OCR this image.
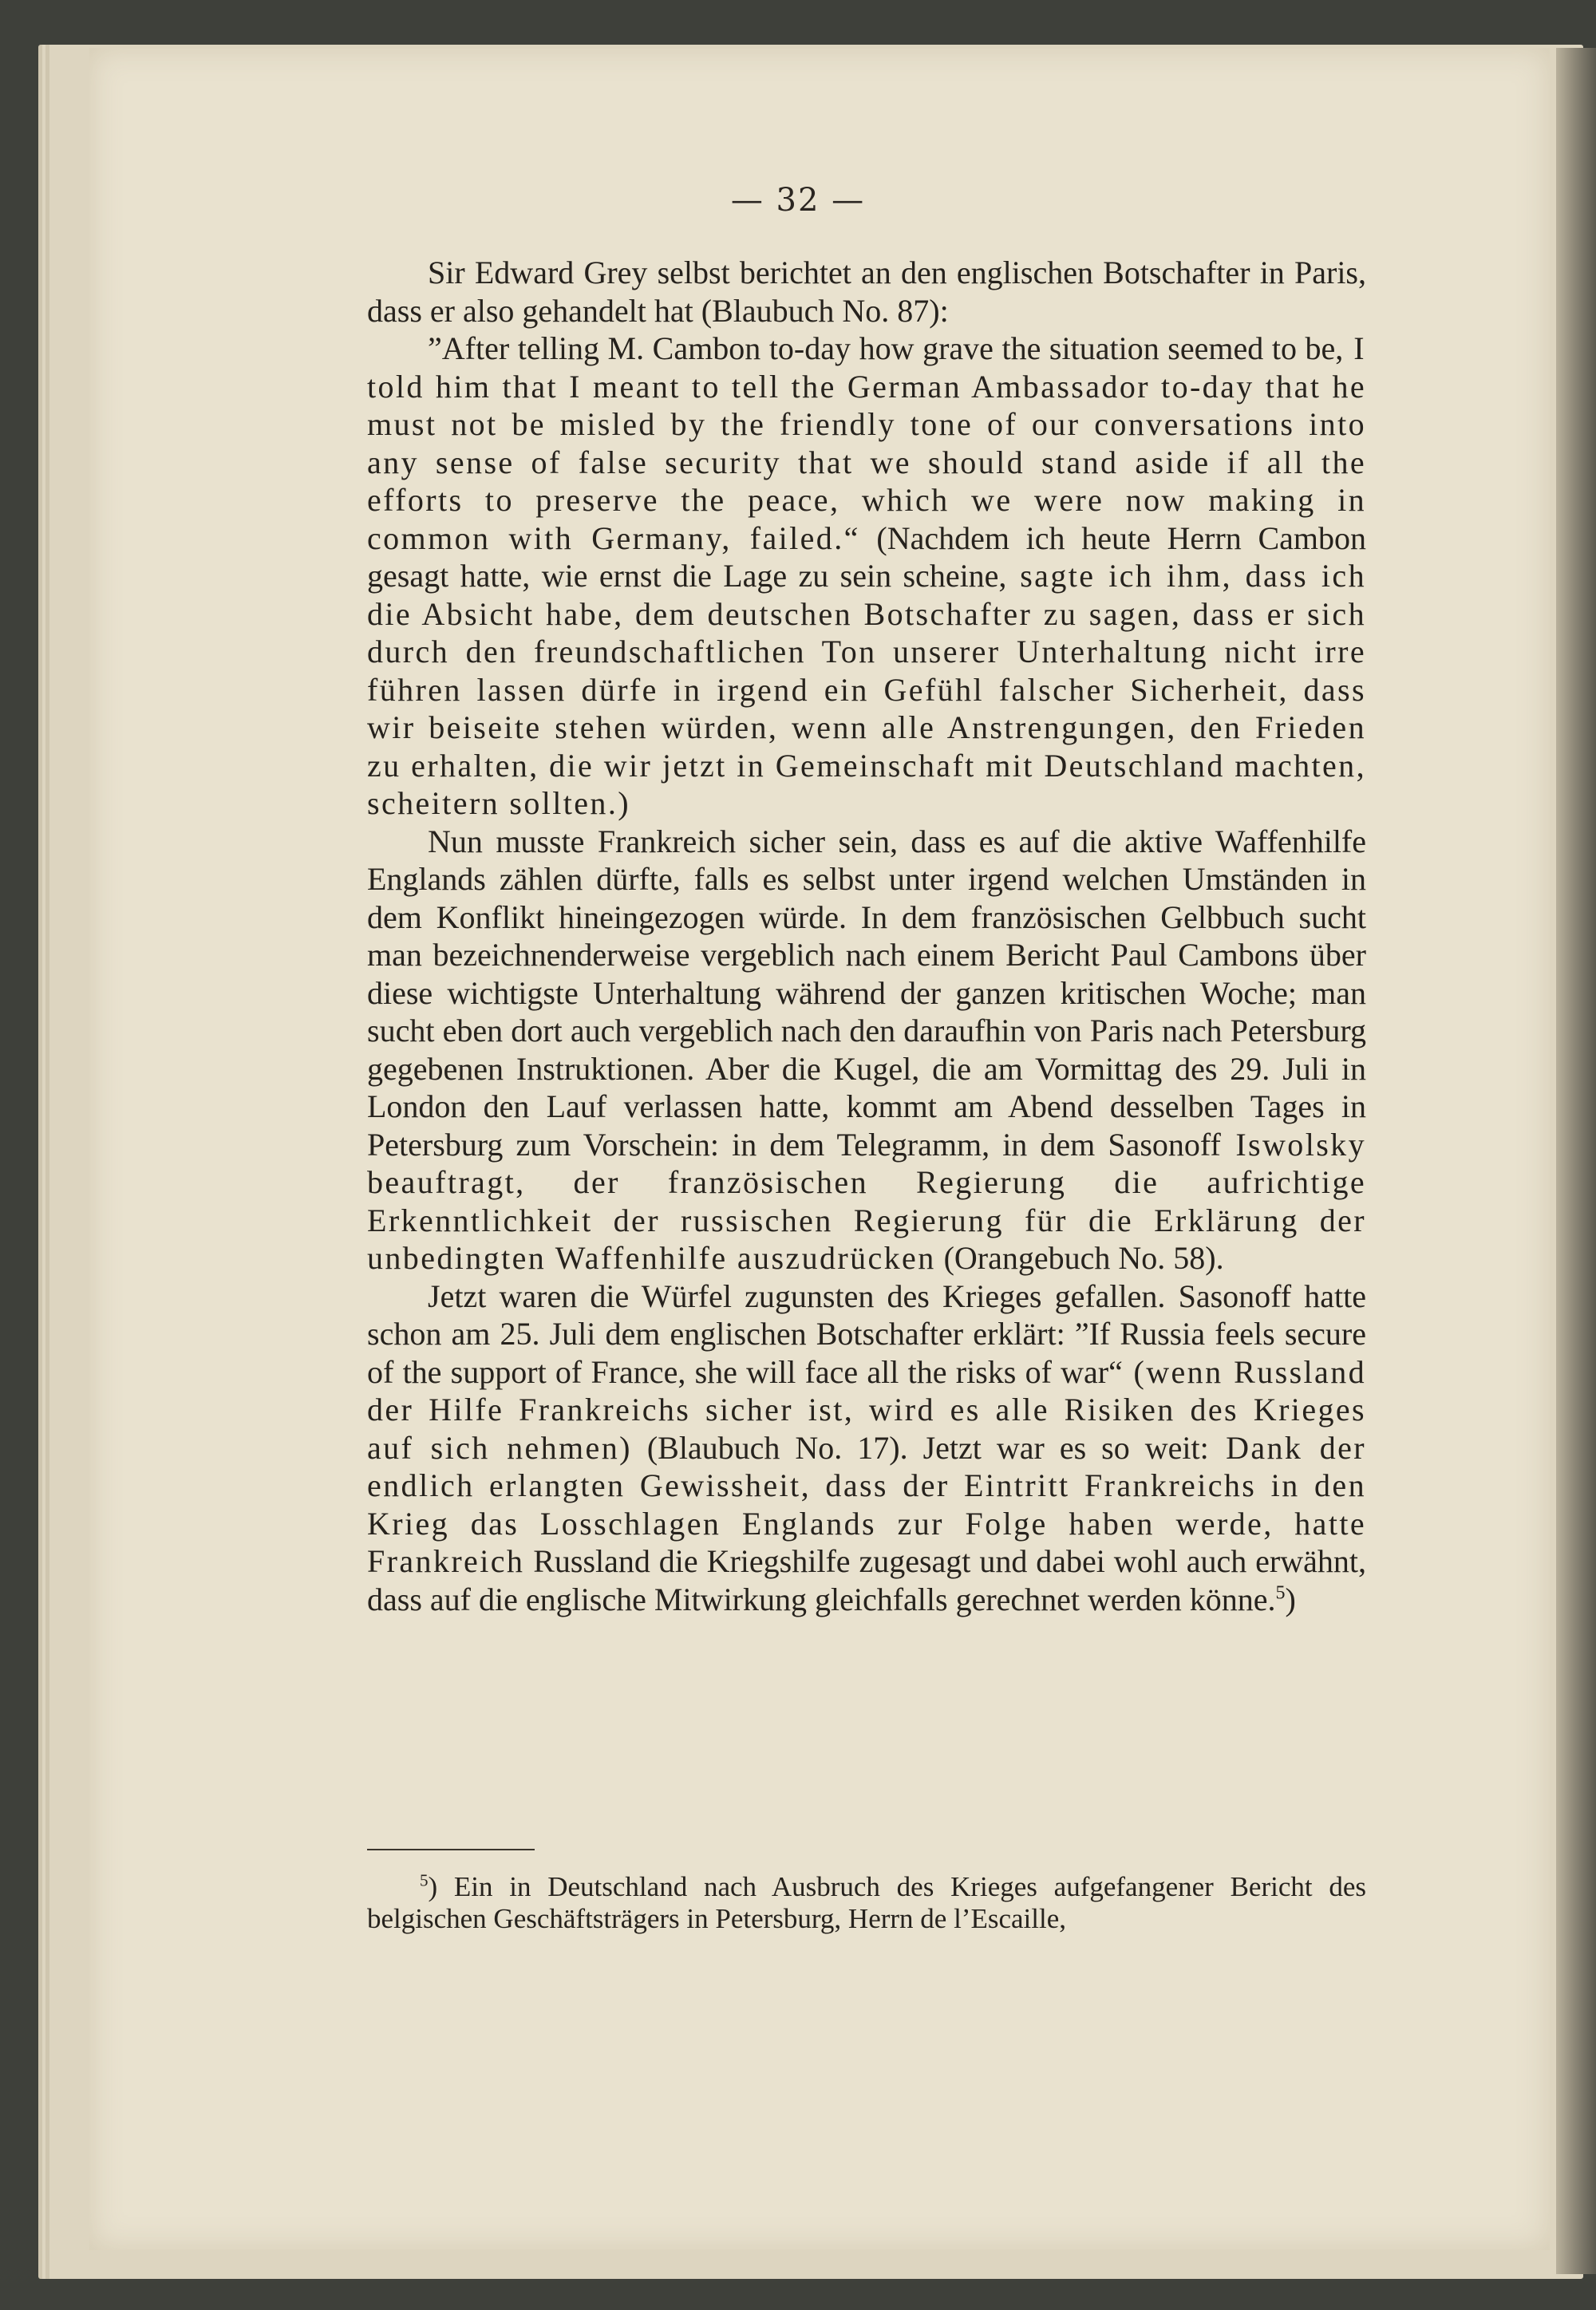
— 32 —

Sir Edward Grey selbst berichtet an den englischen Botschafter in Paris, dass er also gehandelt hat (Blaubuch No. 87):

”After telling M. Cambon to-day how grave the situation seemed to be, I told him that I meant to tell the German Ambassador to-day that he must not be misled by the friendly tone of our conversations into any sense of false security that we should stand aside if all the efforts to preserve the peace, which we were now making in common with Germany, failed.“ (Nachdem ich heute Herrn Cambon gesagt hatte, wie ernst die Lage zu sein scheine, sagte ich ihm, dass ich die Absicht habe, dem deutschen Botschafter zu sagen, dass er sich durch den freundschaftlichen Ton unserer Unterhaltung nicht irre führen lassen dürfe in irgend ein Gefühl falscher Sicherheit, dass wir beiseite stehen würden, wenn alle Anstrengungen, den Frieden zu erhalten, die wir jetzt in Gemeinschaft mit Deutschland machten, scheitern sollten.)

Nun musste Frankreich sicher sein, dass es auf die aktive Waffenhilfe Englands zählen dürfte, falls es selbst unter irgend welchen Umständen in dem Konflikt hineingezogen würde. In dem französischen Gelbbuch sucht man bezeichnenderweise vergeblich nach einem Bericht Paul Cambons über diese wichtigste Unterhaltung während der ganzen kritischen Woche; man sucht eben dort auch vergeblich nach den daraufhin von Paris nach Petersburg gegebenen Instruktionen. Aber die Kugel, die am Vormittag des 29. Juli in London den Lauf verlassen hatte, kommt am Abend desselben Tages in Petersburg zum Vorschein: in dem Telegramm, in dem Sasonoff Iswolsky beauftragt, der französischen Regierung die aufrichtige Erkenntlichkeit der russischen Regierung für die Erklärung der unbedingten Waffenhilfe auszudrücken (Orangebuch No. 58).

Jetzt waren die Würfel zugunsten des Krieges gefallen. Sasonoff hatte schon am 25. Juli dem englischen Botschafter erklärt: ”If Russia feels secure of the support of France, she will face all the risks of war“ (wenn Russland der Hilfe Frankreichs sicher ist, wird es alle Risiken des Krieges auf sich nehmen) (Blaubuch No. 17). Jetzt war es so weit: Dank der endlich erlangten Gewissheit, dass der Eintritt Frankreichs in den Krieg das Losschlagen Englands zur Folge haben werde, hatte Frankreich Russland die Kriegshilfe zugesagt und dabei wohl auch erwähnt, dass auf die englische Mitwirkung gleichfalls gerechnet werden könne.$^5$)

$^5$) Ein in Deutschland nach Ausbruch des Krieges aufgefangener Bericht des belgischen Geschäftsträgers in Petersburg, Herrn de l’Escaille,
